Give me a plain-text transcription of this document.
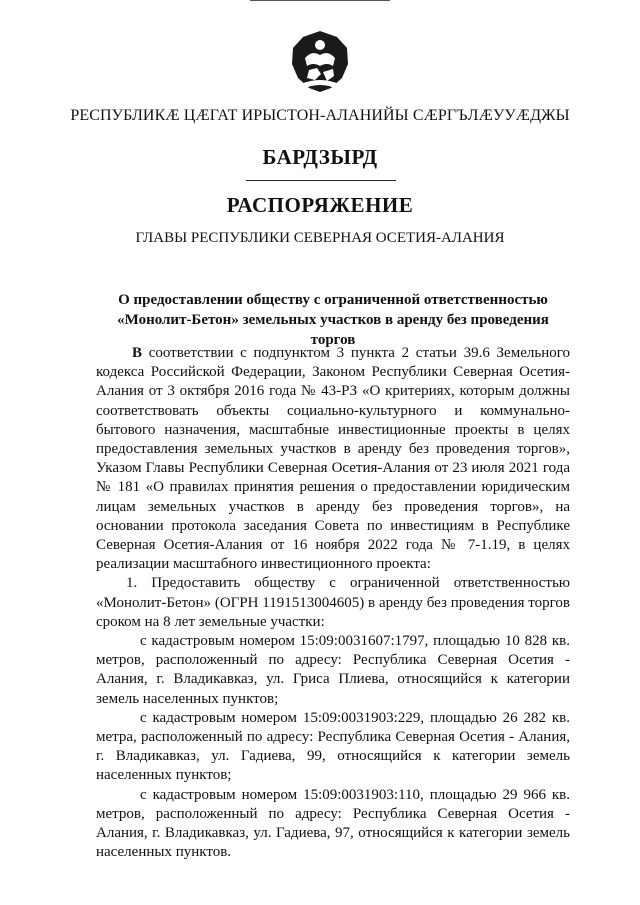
РЕСПУБЛИКӔ ЦӔГАТ ИРЫСТОН-АЛАНИЙЫ СӔРГЪЛӔУУӔДЖЫ
БАРДЗЫРД
РАСПОРЯЖЕНИЕ
ГЛАВЫ РЕСПУБЛИКИ СЕВЕРНАЯ ОСЕТИЯ-АЛАНИЯ
О предоставлении обществу с ограниченной ответственностью
«Монолит-Бетон» земельных участков в аренду без проведения торгов

В соответствии с подпунктом 3 пункта 2 статьи 39.6 Земельного кодекса Российской Федерации, Законом Республики Северная Осетия-Алания от 3 октября 2016 года № 43-РЗ «О критериях, которым должны соответствовать объекты социально-культурного и коммунально-бытового назначения, масштабные инвестиционные проекты в целях предоставления земельных участков в аренду без проведения торгов», Указом Главы Республики Северная Осетия-Алания от 23 июля 2021 года № 181 «О правилах принятия решения о предоставлении юридическим лицам земельных участков в аренду без проведения торгов», на основании протокола заседания Совета по инвестициям в Республике Северная Осетия-Алания от 16 ноября 2022 года № 7-1.19, в целях реализации масштабного инвестиционного проекта:

1. Предоставить обществу с ограниченной ответственностью «Монолит-Бетон» (ОГРН 1191513004605) в аренду без проведения торгов сроком на 8 лет земельные участки:

с кадастровым номером 15:09:0031607:1797, площадью 10 828 кв. метров, расположенный по адресу: Республика Северная Осетия - Алания, г. Владикавказ, ул. Гриса Плиева, относящийся к категории земель населенных пунктов;

с кадастровым номером 15:09:0031903:229, площадью 26 282 кв. метра, расположенный по адресу: Республика Северная Осетия - Алания, г. Владикавказ, ул. Гадиева, 99, относящийся к категории земель населенных пунктов;

с кадастровым номером 15:09:0031903:110, площадью 29 966 кв. метров, расположенный по адресу: Республика Северная Осетия - Алания, г. Владикавказ, ул. Гадиева, 97, относящийся к категории земель населенных пунктов.
